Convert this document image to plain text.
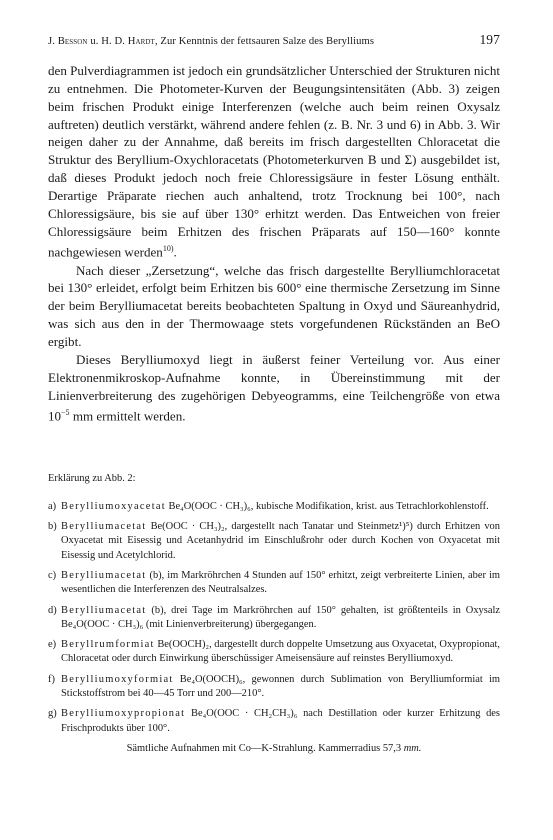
J. Besson u. H. D. Hardt, Zur Kenntnis der fettsauren Salze des Berylliums	197

den Pulverdiagrammen ist jedoch ein grundsätzlicher Unterschied der Strukturen nicht zu entnehmen. Die Photometer-Kurven der Beugungsintensitäten (Abb. 3) zeigen beim frischen Produkt einige Interferenzen (welche auch beim reinen Oxysalz auftreten) deutlich verstärkt, während andere fehlen (z. B. Nr. 3 und 6) in Abb. 3. Wir neigen daher zu der Annahme, daß bereits im frisch dargestellten Chloracetat die Struktur des Beryllium-Oxychloracetats (Photometerkurven B und Σ) ausgebildet ist, daß dieses Produkt jedoch noch freie Chloressigsäure in fester Lösung enthält. Derartige Präparate riechen auch anhaltend, trotz Trocknung bei 100°, nach Chloressigsäure, bis sie auf über 130° erhitzt werden. Das Entweichen von freier Chloressigsäure beim Erhitzen des frischen Präparats auf 150—160° konnte nachgewiesen werden$^{10)}$.

Nach dieser „Zersetzung“, welche das frisch dargestellte Berylliumchloracetat bei 130° erleidet, erfolgt beim Erhitzen bis 600° eine thermische Zersetzung im Sinne der beim Berylliumacetat bereits beobachteten Spaltung in Oxyd und Säureanhydrid, was sich aus den in der Thermowaage stets vorgefundenen Rückständen an BeO ergibt.

Dieses Berylliumoxyd liegt in äußerst feiner Verteilung vor. Aus einer Elektronenmikroskop-Aufnahme konnte, in Übereinstimmung mit der Linienverbreiterung des zugehörigen Debyeogramms, eine Teilchengröße von etwa $10^{-5}$ mm ermittelt werden.

Erklärung zu Abb. 2:

a) Berylliumoxyacetat Be₄O(OOC · CH₃)₆, kubische Modifikation, krist. aus Tetrachlorkohlenstoff.
b) Berylliumacetat Be(OOC · CH₃)₂, dargestellt nach Tanatar und Steinmetz¹)⁵) durch Erhitzen von Oxyacetat mit Eisessig und Acetanhydrid im Einschlußrohr oder durch Kochen von Oxyacetat mit Eisessig und Acetylchlorid.
c) Berylliumacetat (b), im Markröhrchen 4 Stunden auf 150° erhitzt, zeigt verbreiterte Linien, aber im wesentlichen die Interferenzen des Neutralsalzes.
d) Berylliumacetat (b), drei Tage im Markröhrchen auf 150° gehalten, ist größtenteils in Oxysalz Be₄O(OOC · CH₃)₆ (mit Linienverbreiterung) übergegangen.
e) Beryllrumformiat Be(OOCH)₂, dargestellt durch doppelte Umsetzung aus Oxyacetat, Oxypropionat, Chloracetat oder durch Einwirkung überschüssiger Ameisensäure auf reinstes Berylliumoxyd.
f) Berylliumoxyformiat Be₄O(OOCH)₆, gewonnen durch Sublimation von Berylliumformiat im Stickstoffstrom bei 40—45 Torr und 200—210°.
g) Berylliumoxypropionat Be₄O(OOC · CH₂CH₃)₆ nach Destillation oder kurzer Erhitzung des Frischprodukts über 100°.

Sämtliche Aufnahmen mit Co—K-Strahlung. Kammerradius 57,3 mm.
